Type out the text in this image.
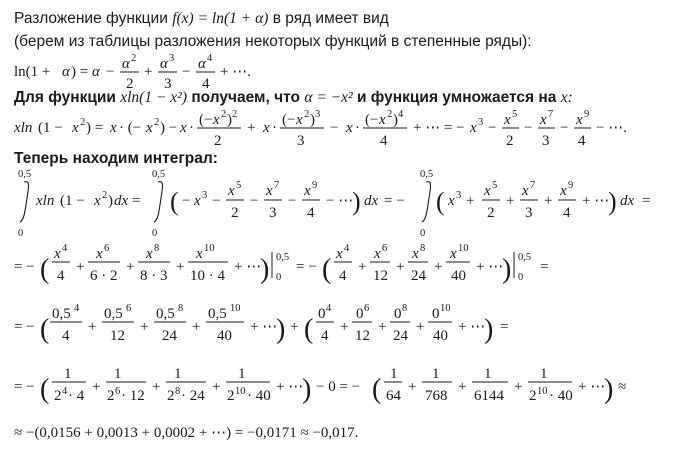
Разложение функции f(x) = ln(1 + α) в ряд имеет вид
(берем из таблицы разложения некоторых функций в степенные ряды):
Для функции xln(1 − x²) получаем, что α = −x² и функция умножается на x:
Теперь находим интеграл:
ln(1 + α ) = α − α 2
2
+ α 3
3
− α 4
4
+ ⋯.
xln (1 − x 2 ) = x · (− x 2 ) − x · (− x 2 ) 2
2
+ x · (− x 2 ) 3
3
− x · (− x 2 ) 4
4
+ ⋯ = − x 3 − x 5
2
− x 7
3
− x 9
4
− ⋯.
0,5
0
xln (1 − x 2 ) dx =
0,5
0
( − x 3 −
x 5
2
−
x 7
3
−
x 9
4
− ⋯
) dx = −
0,5
0
( x 3 +
x 5
2
+
x 7
3
+
x 9
4
+ ⋯
) dx =
= − ( x 4
4
+
x 6
6 · 2
+
x 8
8 · 3
+
x 10
10 · 4
+ ⋯
) 0,5
0
= − ( x 4
4
+
x 6
12
+
x 8
24
+
x 10
40
+ ⋯
) 0,5
0
=
= − ( 0,5 4
4
+
0,5 6
12
+
0,5 8
24
+
0,5 10
40
+ ⋯
) + ( 0 4
4
+
0 6
12
+
0 8
24
+
0 10
40
+ ⋯
) =
= − ( 1
2 4 · 4
+
1
2 6 · 12
+
1
2 8 · 24
+
1
2 10 · 40
+ ⋯
) − 0 = − ( 1
64
+
1
768
+
1
6144
+
1
2 10 · 40
+ ⋯
) ≈
≈ −(0,0156 + 0,0013 + 0,0002 + ⋯) = −0,0171 ≈ −0,017.
